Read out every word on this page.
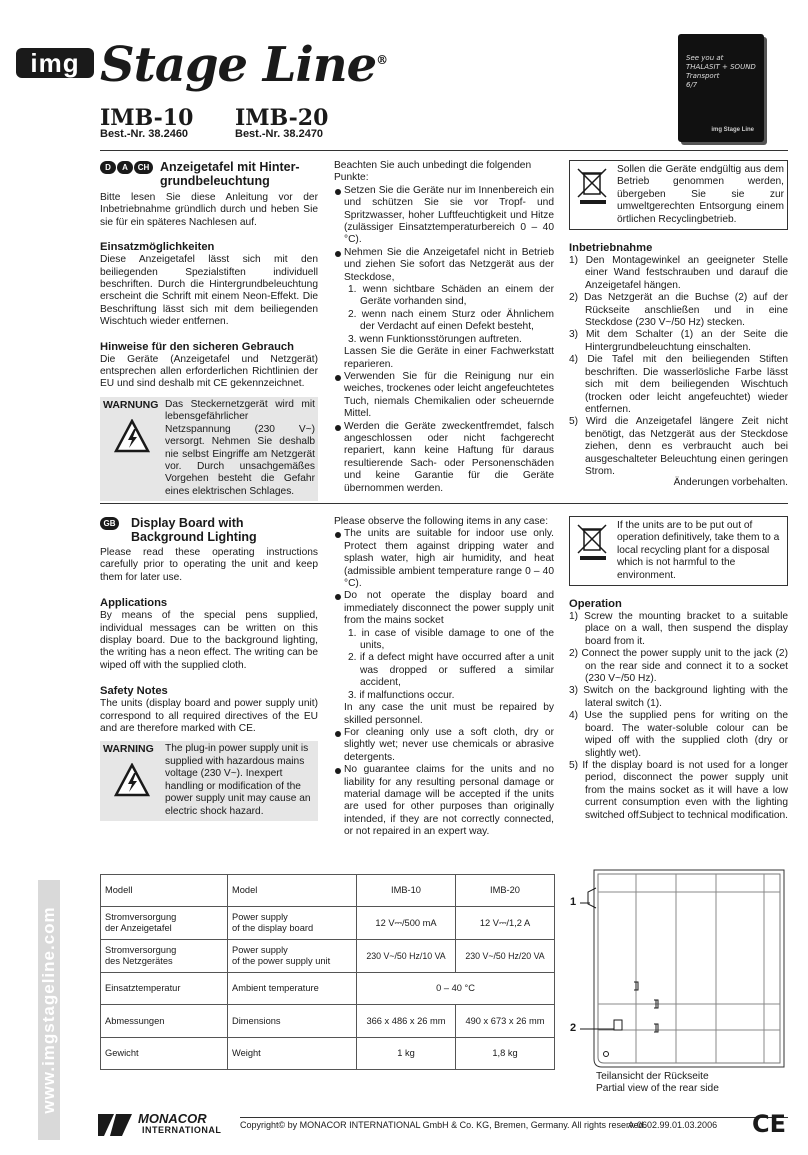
img Stage Line®
IMB-10
Best.-Nr. 38.2460
IMB-20
Best.-Nr. 38.2470
See you at
THALASIT + SOUND
Transport
6/7
img Stage Line
D A CH Anzeigetafel mit Hinter-
grundbeleuchtung

Bitte lesen Sie diese Anleitung vor der Inbetriebnahme gründlich durch und heben Sie sie für ein späteres Nachlesen auf.

Einsatzmöglichkeiten

Diese Anzeigetafel lässt sich mit den beiliegenden Spezialstiften individuell beschriften. Durch die Hintergrundbeleuchtung erscheint die Schrift mit einem Neon-Effekt. Die Beschriftung lässt sich mit dem beiliegenden Wischtuch wieder entfernen.

Hinweise für den sicheren Gebrauch

Die Geräte (Anzeigetafel und Netzgerät) entsprechen allen erforderlichen Richtlinien der EU und sind deshalb mit CE gekennzeichnet.

WARNUNG Das Steckernetzgerät wird mit lebensgefährlicher Netzspannung (230 V~) versorgt. Nehmen Sie deshalb nie selbst Eingriffe am Netzgerät vor. Durch unsachgemäßes Vorgehen besteht die Gefahr eines elektrischen Schlages.

Beachten Sie auch unbedingt die folgenden Punkte:

Setzen Sie die Geräte nur im Innenbereich ein und schützen Sie sie vor Tropf- und Spritzwasser, hoher Luftfeuchtigkeit und Hitze (zulässiger Einsatztemperaturbereich 0 – 40 °C).
Nehmen Sie die Anzeigetafel nicht in Betrieb und ziehen Sie sofort das Netzgerät aus der Steckdose,
1. wenn sichtbare Schäden an einem der Geräte vorhanden sind,
2. wenn nach einem Sturz oder Ähnlichem der Verdacht auf einen Defekt besteht,
3. wenn Funktionsstörungen auftreten.
Lassen Sie die Geräte in einer Fachwerkstatt reparieren.
Verwenden Sie für die Reinigung nur ein weiches, trockenes oder leicht angefeuchtetes Tuch, niemals Chemikalien oder scheuernde Mittel.
Werden die Geräte zweckentfremdet, falsch angeschlossen oder nicht fachgerecht repariert, kann keine Haftung für daraus resultierende Sach- oder Personenschäden und keine Garantie für die Geräte übernommen werden.
Sollen die Geräte endgültig aus dem Betrieb genommen werden, übergeben Sie sie zur umweltgerechten Entsorgung einem örtlichen Recyclingbetrieb.

Inbetriebnahme

1) Den Montagewinkel an geeigneter Stelle einer Wand festschrauben und darauf die Anzeigetafel hängen.
2) Das Netzgerät an die Buchse (2) auf der Rückseite anschließen und in eine Steckdose (230 V~/50 Hz) stecken.
3) Mit dem Schalter (1) an der Seite die Hintergrundbeleuchtung einschalten.
4) Die Tafel mit den beiliegenden Stiften beschriften. Die wasserlösliche Farbe lässt sich mit dem beiliegenden Wischtuch (trocken oder leicht angefeuchtet) wieder entfernen.
5) Wird die Anzeigetafel längere Zeit nicht benötigt, das Netzgerät aus der Steckdose ziehen, denn es verbraucht auch bei ausgeschalteter Beleuchtung einen geringen Strom.
Änderungen vorbehalten.
GB Display Board with
Background Lighting

Please read these operating instructions carefully prior to operating the unit and keep them for later use.

Applications

By means of the special pens supplied, individual messages can be written on this display board. Due to the background lighting, the writing has a neon effect. The writing can be wiped off with the supplied cloth.

Safety Notes

The units (display board and power supply unit) correspond to all required directives of the EU and are therefore marked with CE.

WARNING	The plug-in power supply unit is supplied with hazardous mains voltage (230 V~). Inexpert handling or modification of the power supply unit may cause an electric shock hazard.

Please observe the following items in any case:

The units are suitable for indoor use only. Protect them against dripping water and splash water, high air humidity, and heat (admissible ambient temperature range 0 – 40 °C).
Do not operate the display board and immediately disconnect the power supply unit from the mains socket
1. in case of visible damage to one of the units,
2. if a defect might have occurred after a unit was dropped or suffered a similar accident,
3. if malfunctions occur.
In any case the unit must be repaired by skilled personnel.
For cleaning only use a soft cloth, dry or slightly wet; never use chemicals or abrasive detergents.
No guarantee claims for the units and no liability for any resulting personal damage or material damage will be accepted if the units are used for other purposes than originally intended, if they are not correctly connected, or not repaired in an expert way.
If the units are to be put out of operation definitively, take them to a local recycling plant for a disposal which is not harmful to the environment.

Operation

1) Screw the mounting bracket to a suitable place on a wall, then suspend the display board from it.
2) Connect the power supply unit to the jack (2) on the rear side and connect it to a socket (230 V~/50 Hz).
3) Switch on the background lighting with the lateral switch (1).
4) Use the supplied pens for writing on the board. The water-soluble colour can be wiped off with the supplied cloth (dry or slightly wet).
5) If the display board is not used for a longer period, disconnect the power supply unit from the mains socket as it will have a low current consumption even with the lighting switched off.
Subject to technical modification.
Modell	Model	IMB-10	IMB-20
Stromversorgung
der Anzeigetafel	Power supply
of the display board	12 V⎓/500 mA	12 V⎓/1,2 A
Stromversorgung
des Netzgerätes	Power supply
of the power supply unit	230 V~/50 Hz/10 VA	230 V~/50 Hz/20 VA
Einsatztemperatur	Ambient temperature	0 – 40 °C	
Abmessungen	Dimensions	366 x 486 x 26 mm	490 x 673 x 26 mm
Gewicht	Weight	1 kg	1,8 kg
1
2
Teilansicht der Rückseite
Partial view of the rear side
www.imgstageline.com
MONACOR
INTERNATIONAL Copyright© by MONACOR INTERNATIONAL GmbH & Co. KG, Bremen, Germany. All rights reserved.
A-0602.99.01.03.2006 CE
